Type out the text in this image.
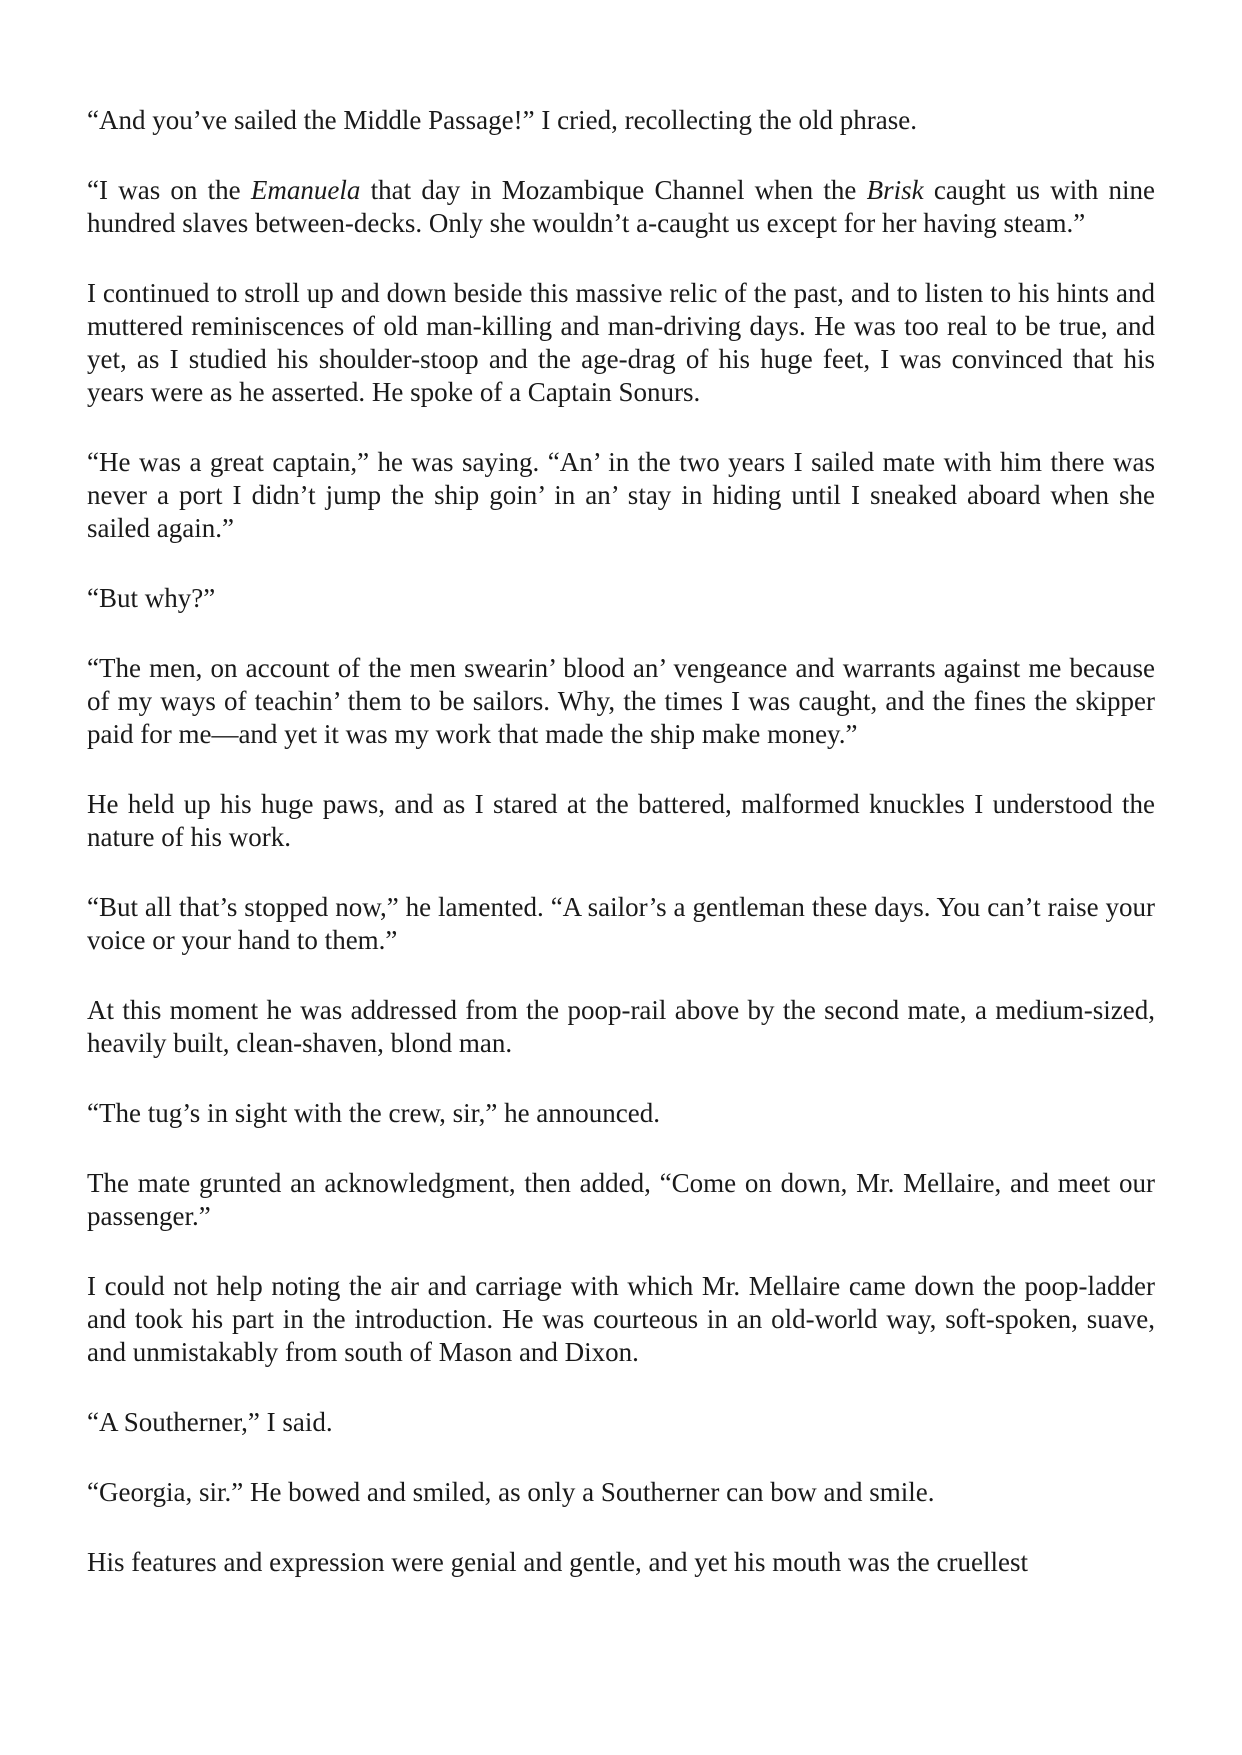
“And you’ve sailed the Middle Passage!” I cried, recollecting the old phrase.

“I was on the Emanuela that day in Mozambique Channel when the Brisk caught us with nine hundred slaves between-decks. Only she wouldn’t a-caught us except for her having steam.”

I continued to stroll up and down beside this massive relic of the past, and to listen to his hints and muttered reminiscences of old man-killing and man-driving days. He was too real to be true, and yet, as I studied his shoulder-stoop and the age-drag of his huge feet, I was convinced that his years were as he asserted. He spoke of a Captain Sonurs.

“He was a great captain,” he was saying. “An’ in the two years I sailed mate with him there was never a port I didn’t jump the ship goin’ in an’ stay in hiding until I sneaked aboard when she sailed again.”

“But why?”

“The men, on account of the men swearin’ blood an’ vengeance and warrants against me because of my ways of teachin’ them to be sailors. Why, the times I was caught, and the fines the skipper paid for me—and yet it was my work that made the ship make money.”

He held up his huge paws, and as I stared at the battered, malformed knuckles I understood the nature of his work.

“But all that’s stopped now,” he lamented. “A sailor’s a gentleman these days. You can’t raise your voice or your hand to them.”

At this moment he was addressed from the poop-rail above by the second mate, a medium-sized, heavily built, clean-shaven, blond man.

“The tug’s in sight with the crew, sir,” he announced.

The mate grunted an acknowledgment, then added, “Come on down, Mr. Mellaire, and meet our passenger.”

I could not help noting the air and carriage with which Mr. Mellaire came down the poop-ladder and took his part in the introduction. He was courteous in an old-world way, soft-spoken, suave, and unmistakably from south of Mason and Dixon.

“A Southerner,” I said.

“Georgia, sir.” He bowed and smiled, as only a Southerner can bow and smile.

His features and expression were genial and gentle, and yet his mouth was the cruellest
